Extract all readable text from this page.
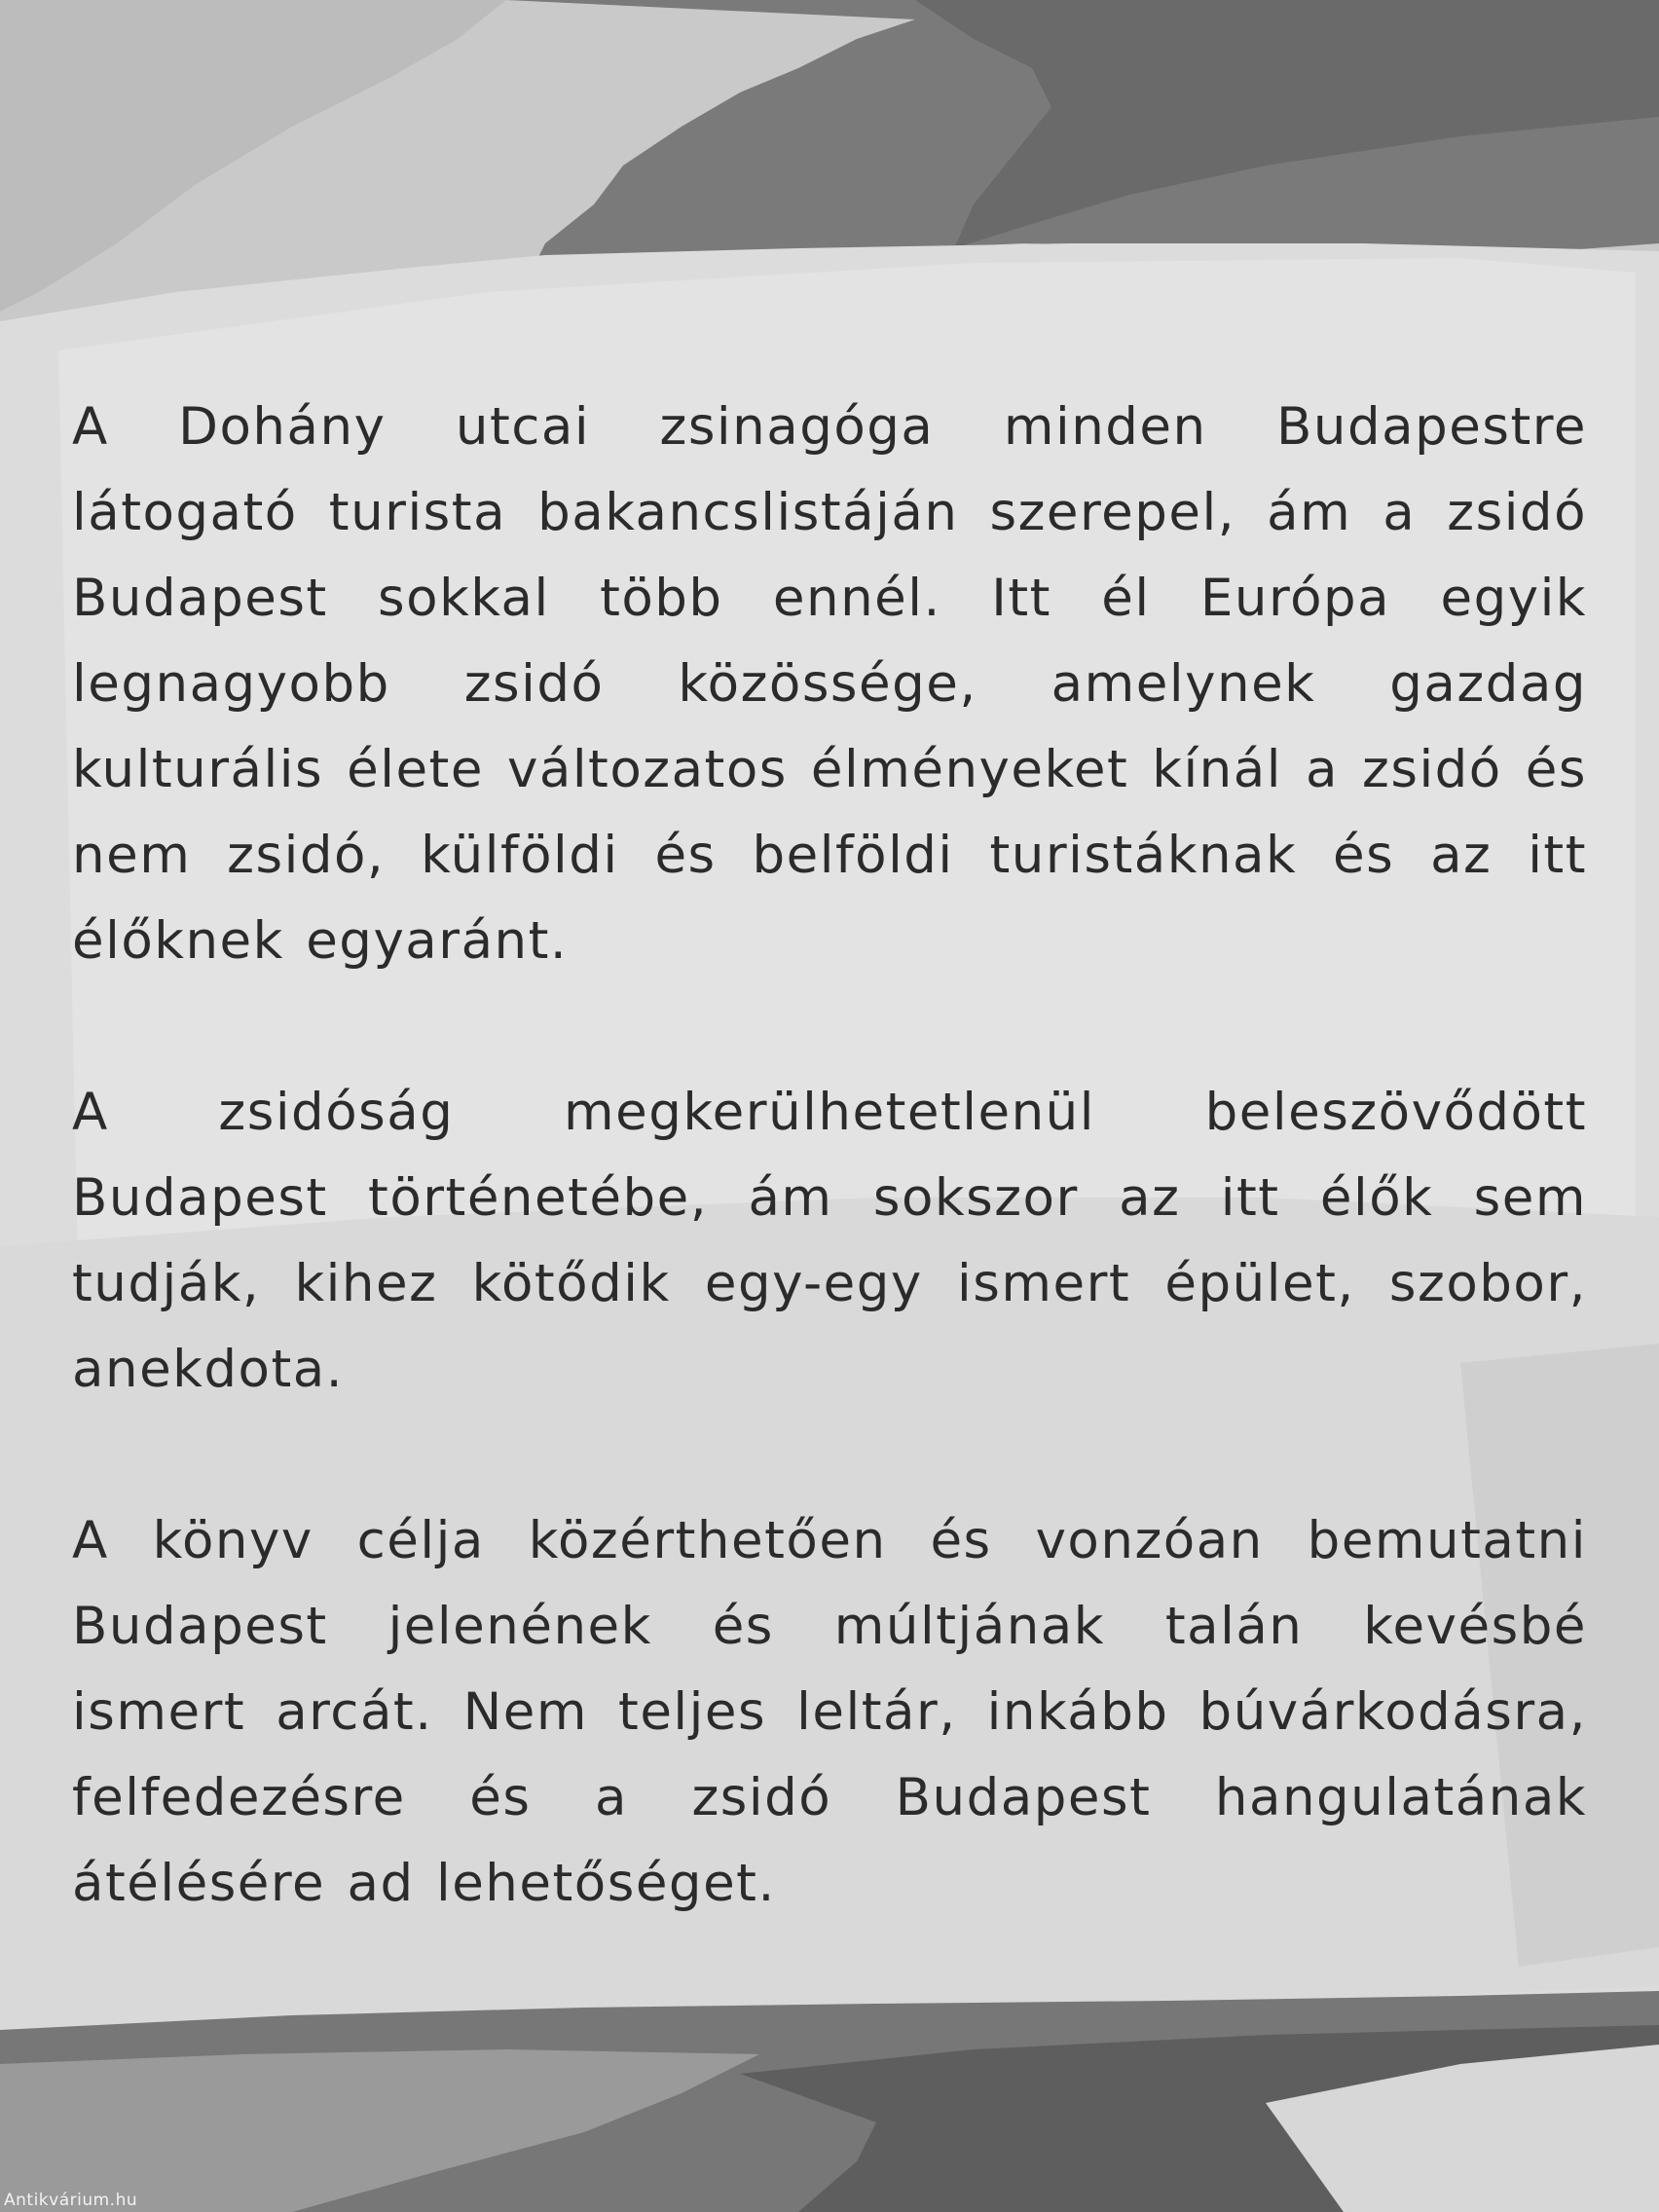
A Dohány utcai zsinagóga minden Budapestre látogató turista bakancslistáján szerepel, ám a zsidó Budapest sokkal több ennél. Itt él Európa egyik legnagyobb zsidó közössége, amelynek gazdag kulturális élete változatos élményeket kínál a zsidó és nem zsidó, külföldi és belföldi turistáknak és az itt élőknek egyaránt.

A zsidóság megkerülhetetlenül beleszövődött Budapest történetébe, ám sokszor az itt élők sem tudják, kihez kötődik egy-egy ismert épület, szobor, anekdota.

A könyv célja közérthetően és vonzóan bemutatni Budapest jelenének és múltjának talán kevésbé ismert arcát. Nem teljes leltár, inkább búvárkodásra, felfedezésre és a zsidó Budapest hangulatának átélésére ad lehetőséget.

Antikvárium.hu
